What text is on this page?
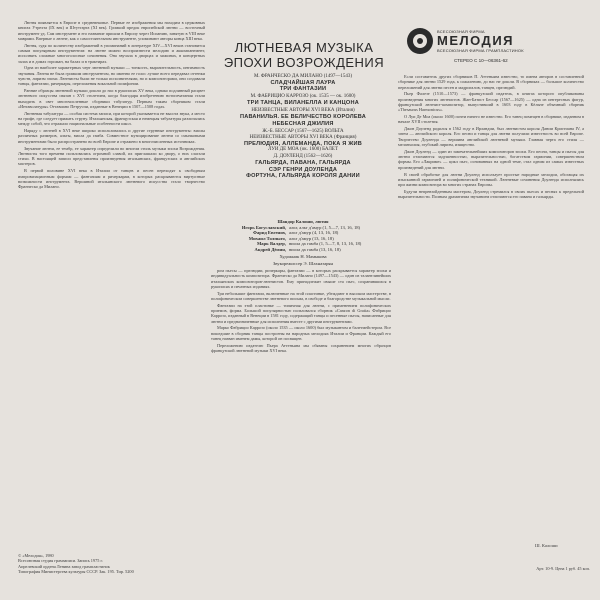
ВСЕСОЮЗНАЯ ФИРМА
МЕЛОДИЯ
ВСЕСОЮЗНАЯ ФИРМА ГРАМПЛАСТИНОК
СТЕРЕО С 10—06361-62
ЛЮТНЕВАЯ МУЗЫКА
ЭПОХИ ВОЗРОЖДЕНИЯ
М. ФРАНЧЕСКО ДА МИЛАНО (1497—1543)
СЛАДЧАЙШАЯ ЛАУРА
ТРИ ФАНТАЗИИ
М. ФАБРИЦИО КАРРОЗО (ок. 1535 — ок. 1600)
ТРИ ТАНЦА, ВИЛАНЕЛЛА И КАНЦОНА
НЕИЗВЕСТНЫЕ АВТОРЫ XVI ВЕКА (Италия)
ПАВАНИЛЬЯ. ЕЕ ВЕЛИЧЕСТВО КОРОЛЕВА
НЕБЕСНАЯ ДЖИЛИЯ
Ж.-Б. БЕССАР (1567—1625) ВОЛЬТА
НЕИЗВЕСТНЫЕ АВТОРЫ XVI ВЕКА (Франция)
ПРЕЛЮДИЯ, АЛЛЕМАНДА, ПОКА Я ЖИВ
ЛУИ ДЕ МОА (ок. 1600) БАЛЕТ
Д. ДОУЛЕНД (1562—1626)
ГАЛЬЯРДА, ПАВАНА, ГАЛЬЯРДА
СЭР ГЕНРИ ДОУЛЕНДА
ФОРТУНА, ГАЛЬЯРДА КОРОЛЯ ДАНИИ
Шандор Калоши, лютня
Игорь Богуславский, альт, альт д'амур (1, 5—7, 13, 16, 18)
Фарид Евгенов, альт д'амур (4, 13, 16, 18)
Михаил Толпыго, альт д'амур (13, 16, 18)
Марк Валдер, виола да гамба (1, 5—7, 8, 13, 16, 18)
Андрей Дёмин, виола да гамба (13, 16, 18)
Художник Н. Мамыкова
Звукорежиссер Э. Шахназарян

Лютня появляется в Европе в средневековье. Первые ее изображения мы находим в церковных книгах Утрехта (IX век) и Штутгарта (XI век). Громкий предок европейской лютни — восточный инструмент уд. Сам инструмент и его название пришли в Европу через Испанию, занятую в VIII веке маврами. Впервые о лютне, как о самостоятельном инструменте, упоминают авторы конца XIII века.

Лютня, судя по количеству изображений в упоминаний в литературе XIV—XVI веков становится самым популярным инструментом: на лютне можно воспроизвести мелодию и аккомпанемент, исполнять сложные многоголосные сочинения. Она звучала в дворцах и хижинах, в концертных залах и в домах горожан, на балах и в трактирах.

Одна из наиболее характерных черт лютневой музыки — тонкость, выразительность, интимность звучания. Лютня не была громким инструментом, но именно ее голос лучше всего передавал оттенки чувств, лиризм эпохи. Лютнисты были не только исполнителями, но и композиторами, они создавали танцы, фантазии, ричеркары, переложения вокальной полифонии.

Ранние образцы лютневой музыки дошли до нас в рукописях XV века, однако подлинный расцвет лютневого искусства связан с XVI столетием, когда благодаря изобретению нотопечатания стали выходить в свет многочисленные сборники табулатур. Первым таким сборником стали «Интаволатуры» Оттавиано Петруччи, изданные в Венеции в 1507—1508 годах.

Лютневая табулатура — особая система записи, при которой указывается не высота звука, а место на грифе, где следует прижать струну. Итальянская, французская и немецкая табулатуры различались между собой, что отражало национальные особенности школ.

Наряду с лютней в XVI веке широко использовались и другие струнные инструменты: виолы различных размеров, альты, виола да гамба. Совместное музицирование лютни со смычковыми инструментами было распространено во всей Европе и отражено в многочисленных источниках.

Звучание лютни, ее тембр, ее характер определили во многом стиль музыки эпохи Возрождения. Лютнисты того времени пользовались огромной славой, их приглашали ко двору, о них слагали стихи. В настоящей записи представлены произведения итальянских, французских и английских мастеров.

В первой половине XVI века в Италии от танцев и песен переходят к свободным импровизационным формам — фантазиям и ричеркарам, в которых раскрываются виртуозные возможности инструмента. Вершиной итальянского лютневого искусства стало творчество Франческо да Милано.

ром пьесы — прелюдии, ричеркары, фантазии — в которых раскрывается характер эпохи и индивидуальность композитора. Франческо да Милано (1497—1543) — один из талантливейших итальянских композиторов-лютнистов. Ему принадлежит свыше ста пьес, сохранившихся в рукописях и печатных изданиях.

Три небольшие фантазии, включенные на этой пластинке, убеждают в высоком мастерстве, в полифоническом совершенстве лютневого письма, в свободе и благородстве музыкальной мысли.

Фантазии на этой пластинке — типичная для лютни, с применением полифонических приемов, форма. Большой популярностью пользовался сборник «Canzon di Gratia» Фабрицио Каррозо, изданный в Венеции в 1581 году, содержащий танцы и песенные пьесы, написанные для лютни и предназначенные для исполнения вместе с другими инструментами.

Марко Фабрицио Каррозо (около 1535 — около 1600) был музыкантом и балетмейстером. Все вошедшие в сборник танцы построены на народных мелодиях Италии и Франции. Каждый его танец назван именем дамы, которой он посвящен.

Переложению издателю Пьера Аттеньяна мы обязаны сохранением многих образцов французской лютневой музыки XVI века.

Если составитель других сборников П. Аттеньяна известно, то имена авторов в составленной сборнике для лютни 1529 года, к сожалению, до нас не дошли. В сборниках — большое количество переложений для лютни песен и мадригалов, танцев, прелюдий.

Пьер Фалезе (1510—1573) — французский издатель, в книгах которого опубликованы произведения многих лютнистов. Жан-Батист Бессар (1567—1625) — одна из интересных фигур, французский лютнист-композитор, выпустивший в 1603 году в Кёльне объемный сборник «Thesaurus Harmonicus».

О Луи Де Моа (около 1600) почти ничего не известно. Его танец помещен в сборнике, изданном в начале XVII столетия.

Джон Доуленд родился в 1562 году в Ирландии, был лютнистом короля Дании Кристиана IV, а затем — английского короля. Его песни и танцы для лютни получили известность во всей Европе. Творчество Доуленда — вершина английской лютневой музыки. Главная черта его стиля — меланхолия, глубокий лиризм, изящество.

Джон Доуленд — один из замечательнейших композиторов эпохи. Его песни, танцы и пьесы для лютни отличаются задушевностью, выразительностью, богатством гармонии, совершенством формы. Его «Лакриме» — цикл пьес, основанных на одной теме, стал одним из самых известных произведений для лютни.

В своей обработке для лютни Доуленд использует простые народные мелодии, обогащая их изысканной гармонией и полифонической техникой. Лютневые сочинения Доуленда исполнялись при жизни композитора во многих странах Европы.

Будучи непревзойденным мастером, Доуленд стремился в своих пьесах и песнях к предельной выразительности. Полным драматизма звучанием отличаются его павана и гальярды.

Ш. Калоши
© «Мелодия», 1980
Всесоюзная студия грамзаписи. Запись 1975 г.
Апрелевский ордена Ленина завод грампластинок
Типография Министерства культуры СССР. Зак. 195. Тир. 5200
Арт. 10-9. Цена 1 руб. 45 коп.
